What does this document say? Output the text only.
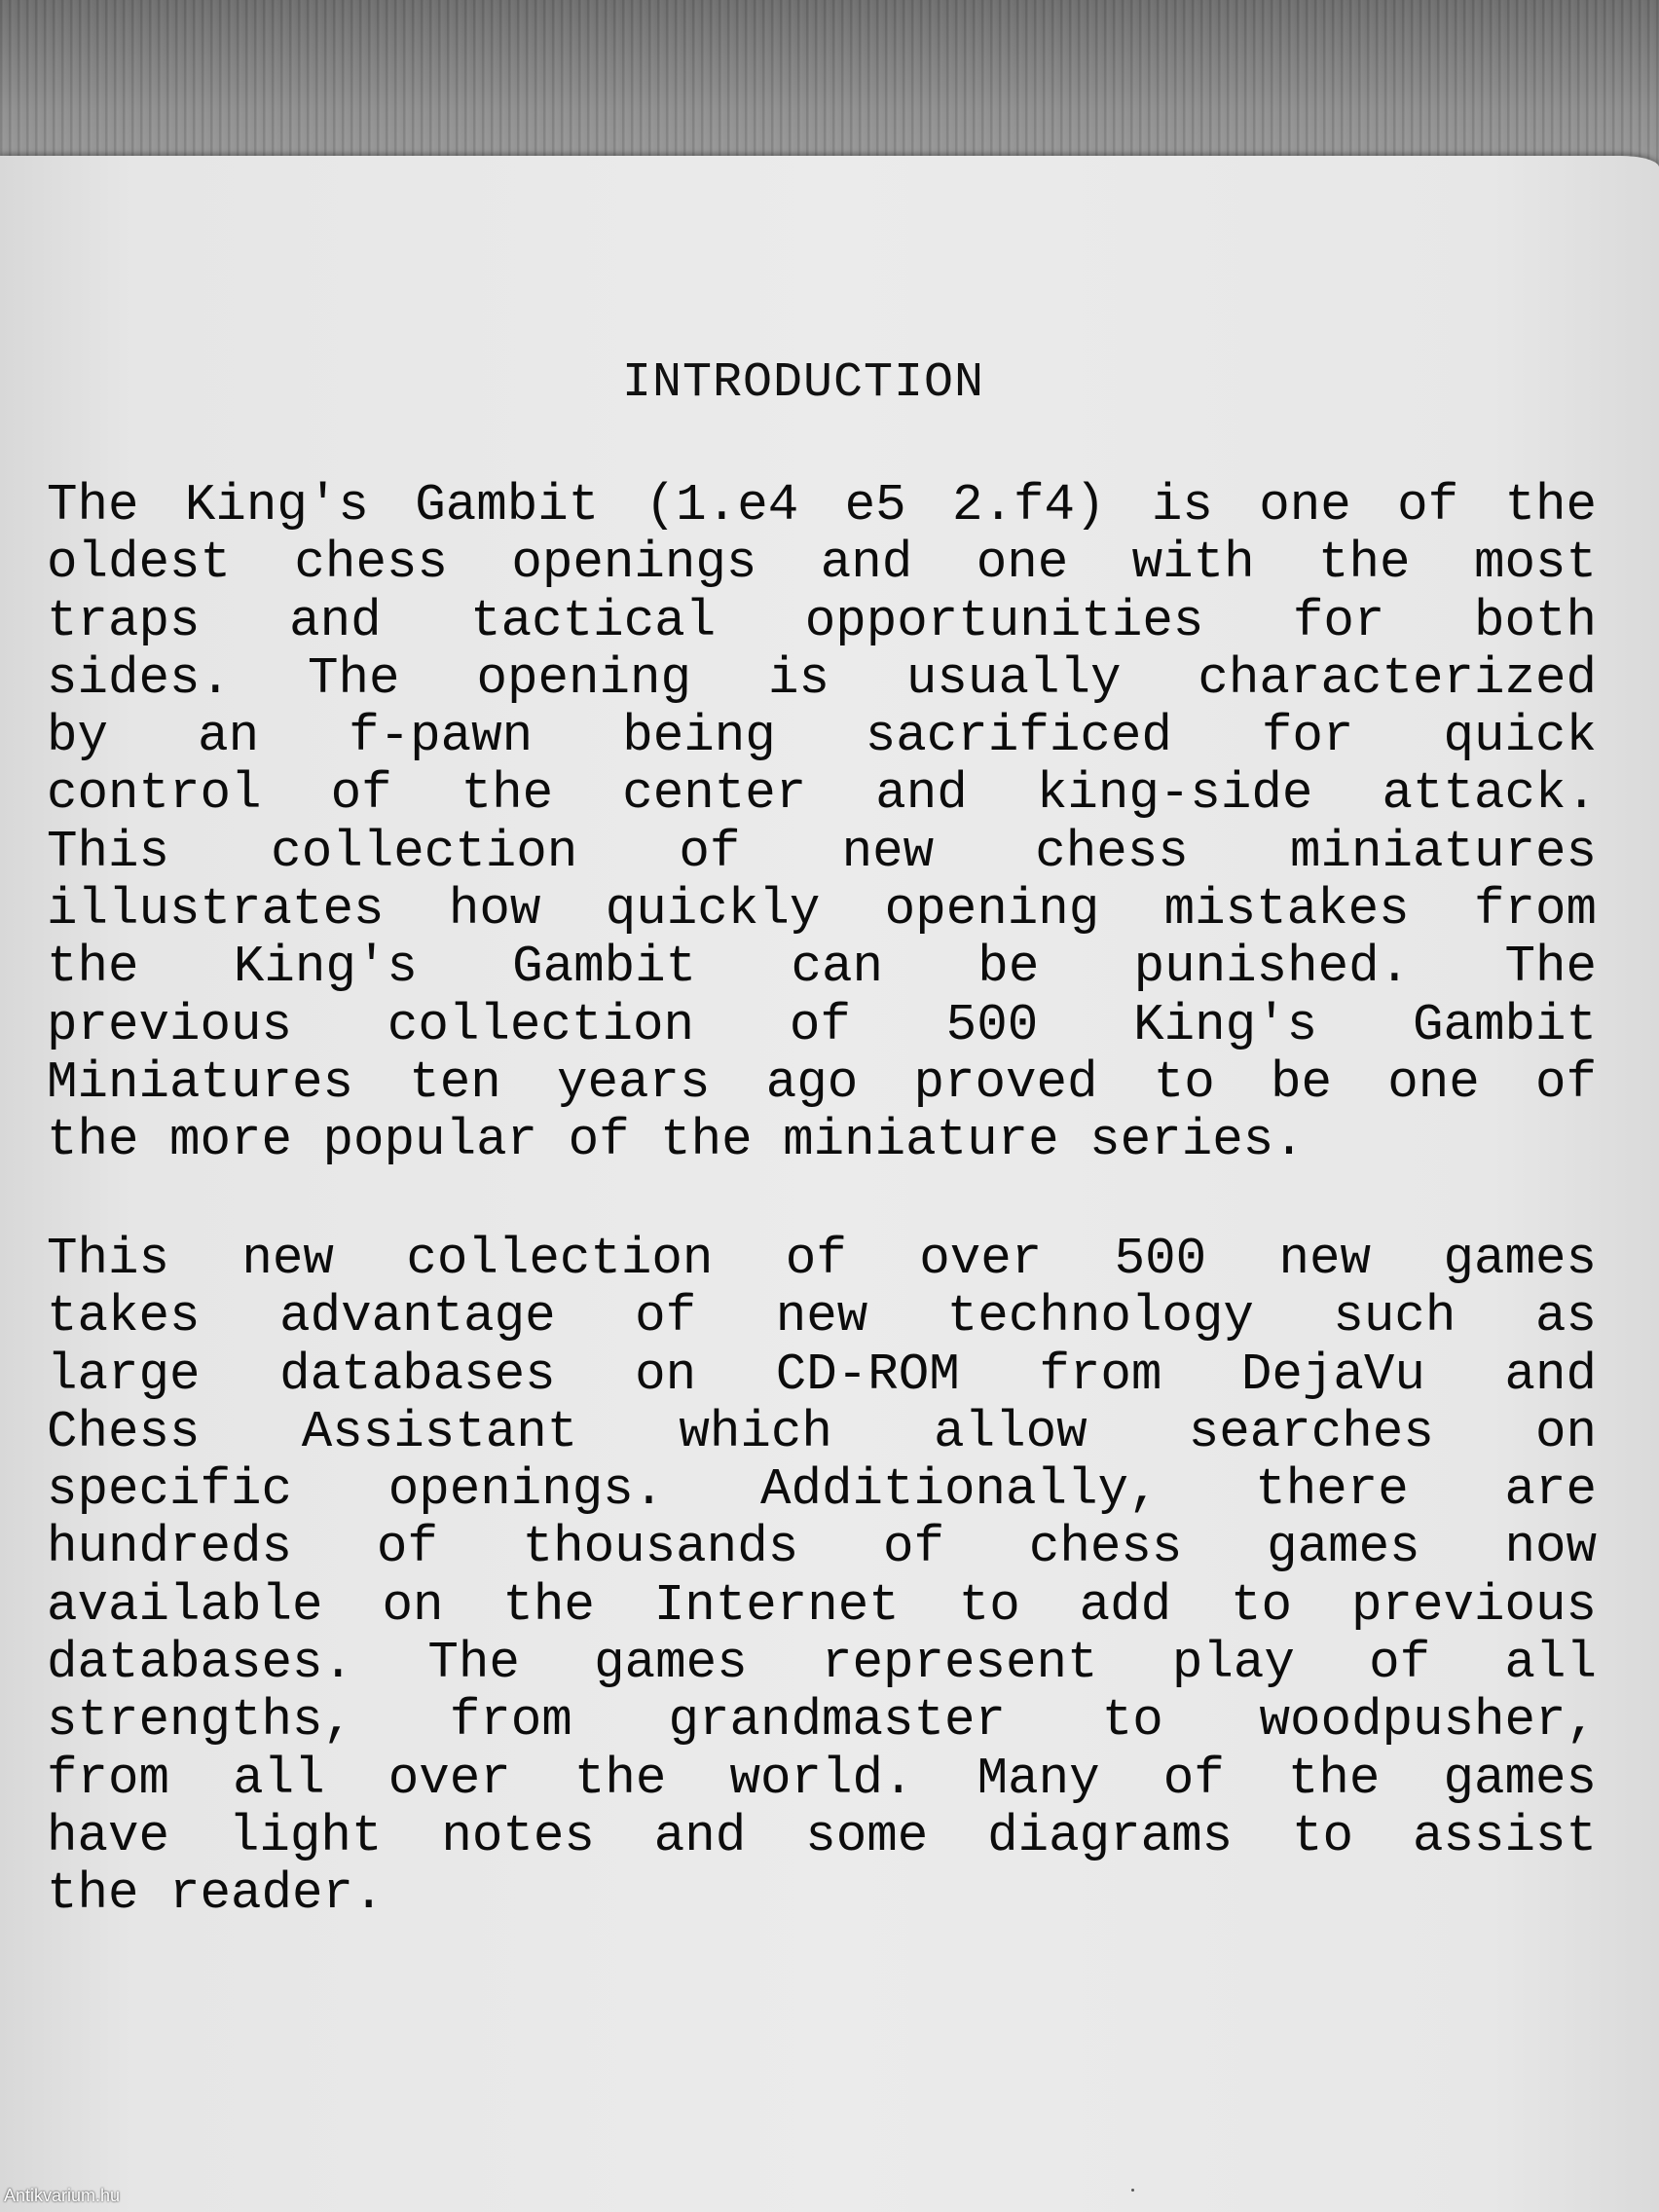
INTRODUCTION

The King's Gambit (1.e4 e5 2.f4) is one of the
oldest chess openings and one with the most
traps and tactical opportunities for both
sides. The opening is usually characterized
by an f-pawn being sacrificed for quick
control of the center and king-side attack.
This collection of new chess miniatures
illustrates how quickly opening mistakes from
the King's Gambit can be punished. The
previous collection of 500 King's Gambit
Miniatures ten years ago proved to be one of
the more popular of the miniature series.

This new collection of over 500 new games
takes advantage of new technology such as
large databases on CD-ROM from DejaVu and
Chess Assistant which allow searches on
specific openings. Additionally, there are
hundreds of thousands of chess games now
available on the Internet to add to previous
databases. The games represent play of all
strengths, from grandmaster to woodpusher,
from all over the world. Many of the games
have light notes and some diagrams to assist
the reader.

Antikvarium.hu
